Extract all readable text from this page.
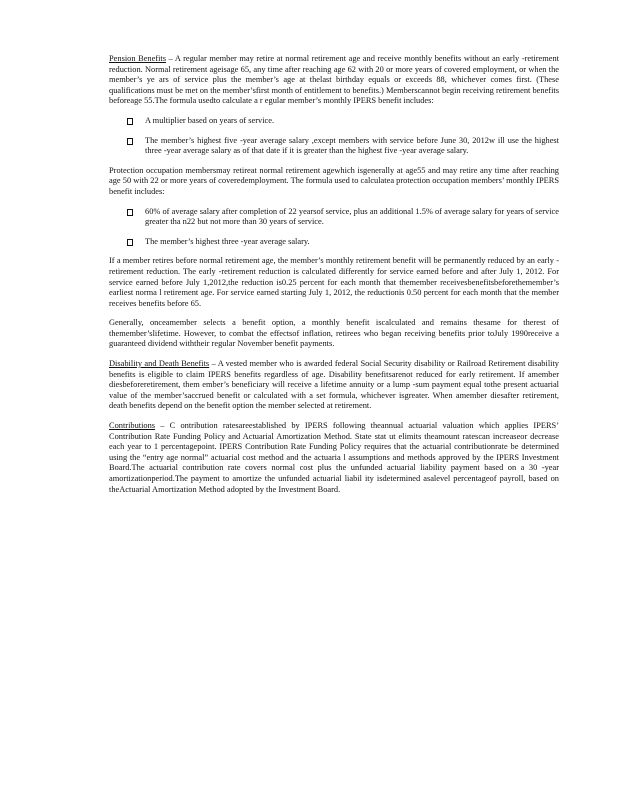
Pension Benefits – A regular member may retire at normal retirement age and receive monthly benefits without an early -retirement reduction. Normal retirement ageisage 65, any time after reaching age 62 with 20 or more years of covered employment, or when the member’s ye ars of service plus the member’s age at thelast birthday equals or exceeds 88, whichever comes first. (These qualifications must be met on the member’sfirst month of entitlement to benefits.) Memberscannot begin receiving retirement benefits beforeage 55.The formula usedto calculate a r egular member’s monthly IPERS benefit includes:

A multiplier based on years of service.
The member’s highest five -year average salary ,except members with service before June 30, 2012w ill use the highest three -year average salary as of that date if it is greater than the highest five -year average salary.

Protection occupation membersmay retireat normal retirement agewhich isgenerally at age55 and may retire any time after reaching age 50 with 22 or more years of coveredemployment. The formula used to calculatea protection occupation members’ monthly IPERS benefit includes:

60% of average salary after completion of 22 yearsof service, plus an additional 1.5% of average salary for years of service greater tha n22 but not more than 30 years of service.
The member’s highest three -year average salary.

If a member retires before normal retirement age, the member’s monthly retirement benefit will be permanently reduced by an early -retirement reduction. The early -retirement reduction is calculated differently for service earned before and after July 1, 2012. For service earned before July 1,2012,the reduction is0.25 percent for each month that themember receivesbenefitsbeforethemember’s earliest norma l retirement age. For service earned starting July 1, 2012, the reductionis 0.50 percent for each month that the member receives benefits before 65.

Generally, onceamember selects a benefit option, a monthly benefit iscalculated and remains thesame for therest of themember’slifetime. However, to combat the effectsof inflation, retirees who began receiving benefits prior toJuly 1990receive a guaranteed dividend withtheir regular November benefit payments.

Disability and Death Benefits – A vested member who is awarded federal Social Security disability or Railroad Retirement disability benefits is eligible to claim IPERS benefits regardless of age. Disability benefitsarenot reduced for early retirement. If amember diesbeforeretirement, them ember’s beneficiary will receive a lifetime annuity or a lump -sum payment equal tothe present actuarial value of the member’saccrued benefit or calculated with a set formula, whichever isgreater. When amember diesafter retirement, death benefits depend on the benefit option the member selected at retirement.

Contributions – C ontribution ratesareestablished by IPERS following theannual actuarial valuation which applies IPERS’ Contribution Rate Funding Policy and Actuarial Amortization Method. State stat ut elimits theamount ratescan increaseor decrease each year to 1 percentagepoint. IPERS Contribution Rate Funding Policy requires that the actuarial contributionrate be determined using the “entry age normal” actuarial cost method and the actuaria l assumptions and methods approved by the IPERS Investment Board.The actuarial contribution rate covers normal cost plus the unfunded actuarial liability payment based on a 30 -year amortizationperiod.The payment to amortize the unfunded actuarial liabil ity isdetermined asalevel percentageof payroll, based on theActuarial Amortization Method adopted by the Investment Board.
